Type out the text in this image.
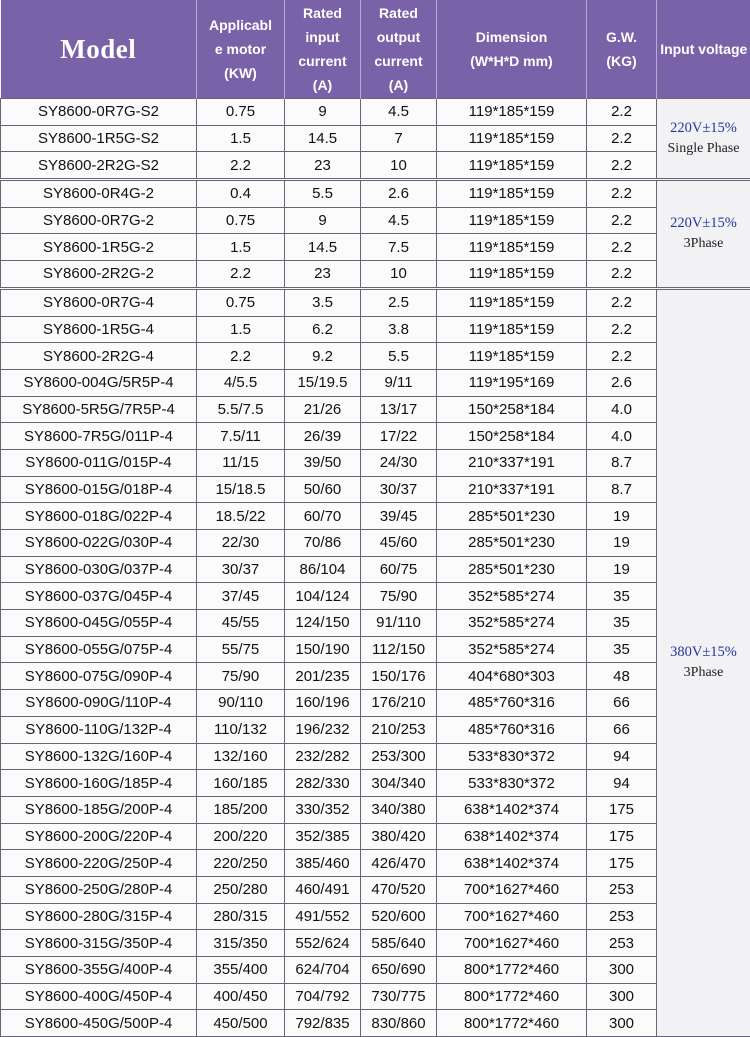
Model	Applicabl
e motor
(KW)	Rated
input
current
(A)	Rated
output
current
(A)	Dimension
(W*H*D mm)	G.W.
(KG)	Input voltage
SY8600-0R7G-S2	0.75	9	4.5	119*185*159	2.2	220V±15%
Single Phase

SY8600-1R5G-S2	1.5	14.5	7	119*185*159	2.2	
SY8600-2R2G-S2	2.2	23	10	119*185*159	2.2	
SY8600-0R4G-2	0.4	5.5	2.6	119*185*159	2.2	220V±15%
3Phase

SY8600-0R7G-2	0.75	9	4.5	119*185*159	2.2	
SY8600-1R5G-2	1.5	14.5	7.5	119*185*159	2.2	
SY8600-2R2G-2	2.2	23	10	119*185*159	2.2	
SY8600-0R7G-4	0.75	3.5	2.5	119*185*159	2.2	380V±15%
3Phase

SY8600-1R5G-4	1.5	6.2	3.8	119*185*159	2.2	
SY8600-2R2G-4	2.2	9.2	5.5	119*185*159	2.2	
SY8600-004G/5R5P-4	4/5.5	15/19.5	9/11	119*195*169	2.6	
SY8600-5R5G/7R5P-4	5.5/7.5	21/26	13/17	150*258*184	4.0	
SY8600-7R5G/011P-4	7.5/11	26/39	17/22	150*258*184	4.0	
SY8600-011G/015P-4	11/15	39/50	24/30	210*337*191	8.7	
SY8600-015G/018P-4	15/18.5	50/60	30/37	210*337*191	8.7	
SY8600-018G/022P-4	18.5/22	60/70	39/45	285*501*230	19	
SY8600-022G/030P-4	22/30	70/86	45/60	285*501*230	19	
SY8600-030G/037P-4	30/37	86/104	60/75	285*501*230	19	
SY8600-037G/045P-4	37/45	104/124	75/90	352*585*274	35	
SY8600-045G/055P-4	45/55	124/150	91/110	352*585*274	35	
SY8600-055G/075P-4	55/75	150/190	112/150	352*585*274	35	
SY8600-075G/090P-4	75/90	201/235	150/176	404*680*303	48	
SY8600-090G/110P-4	90/110	160/196	176/210	485*760*316	66	
SY8600-110G/132P-4	110/132	196/232	210/253	485*760*316	66	
SY8600-132G/160P-4	132/160	232/282	253/300	533*830*372	94	
SY8600-160G/185P-4	160/185	282/330	304/340	533*830*372	94	
SY8600-185G/200P-4	185/200	330/352	340/380	638*1402*374	175	
SY8600-200G/220P-4	200/220	352/385	380/420	638*1402*374	175	
SY8600-220G/250P-4	220/250	385/460	426/470	638*1402*374	175	
SY8600-250G/280P-4	250/280	460/491	470/520	700*1627*460	253	
SY8600-280G/315P-4	280/315	491/552	520/600	700*1627*460	253	
SY8600-315G/350P-4	315/350	552/624	585/640	700*1627*460	253	
SY8600-355G/400P-4	355/400	624/704	650/690	800*1772*460	300	
SY8600-400G/450P-4	400/450	704/792	730/775	800*1772*460	300	
SY8600-450G/500P-4	450/500	792/835	830/860	800*1772*460	300	
